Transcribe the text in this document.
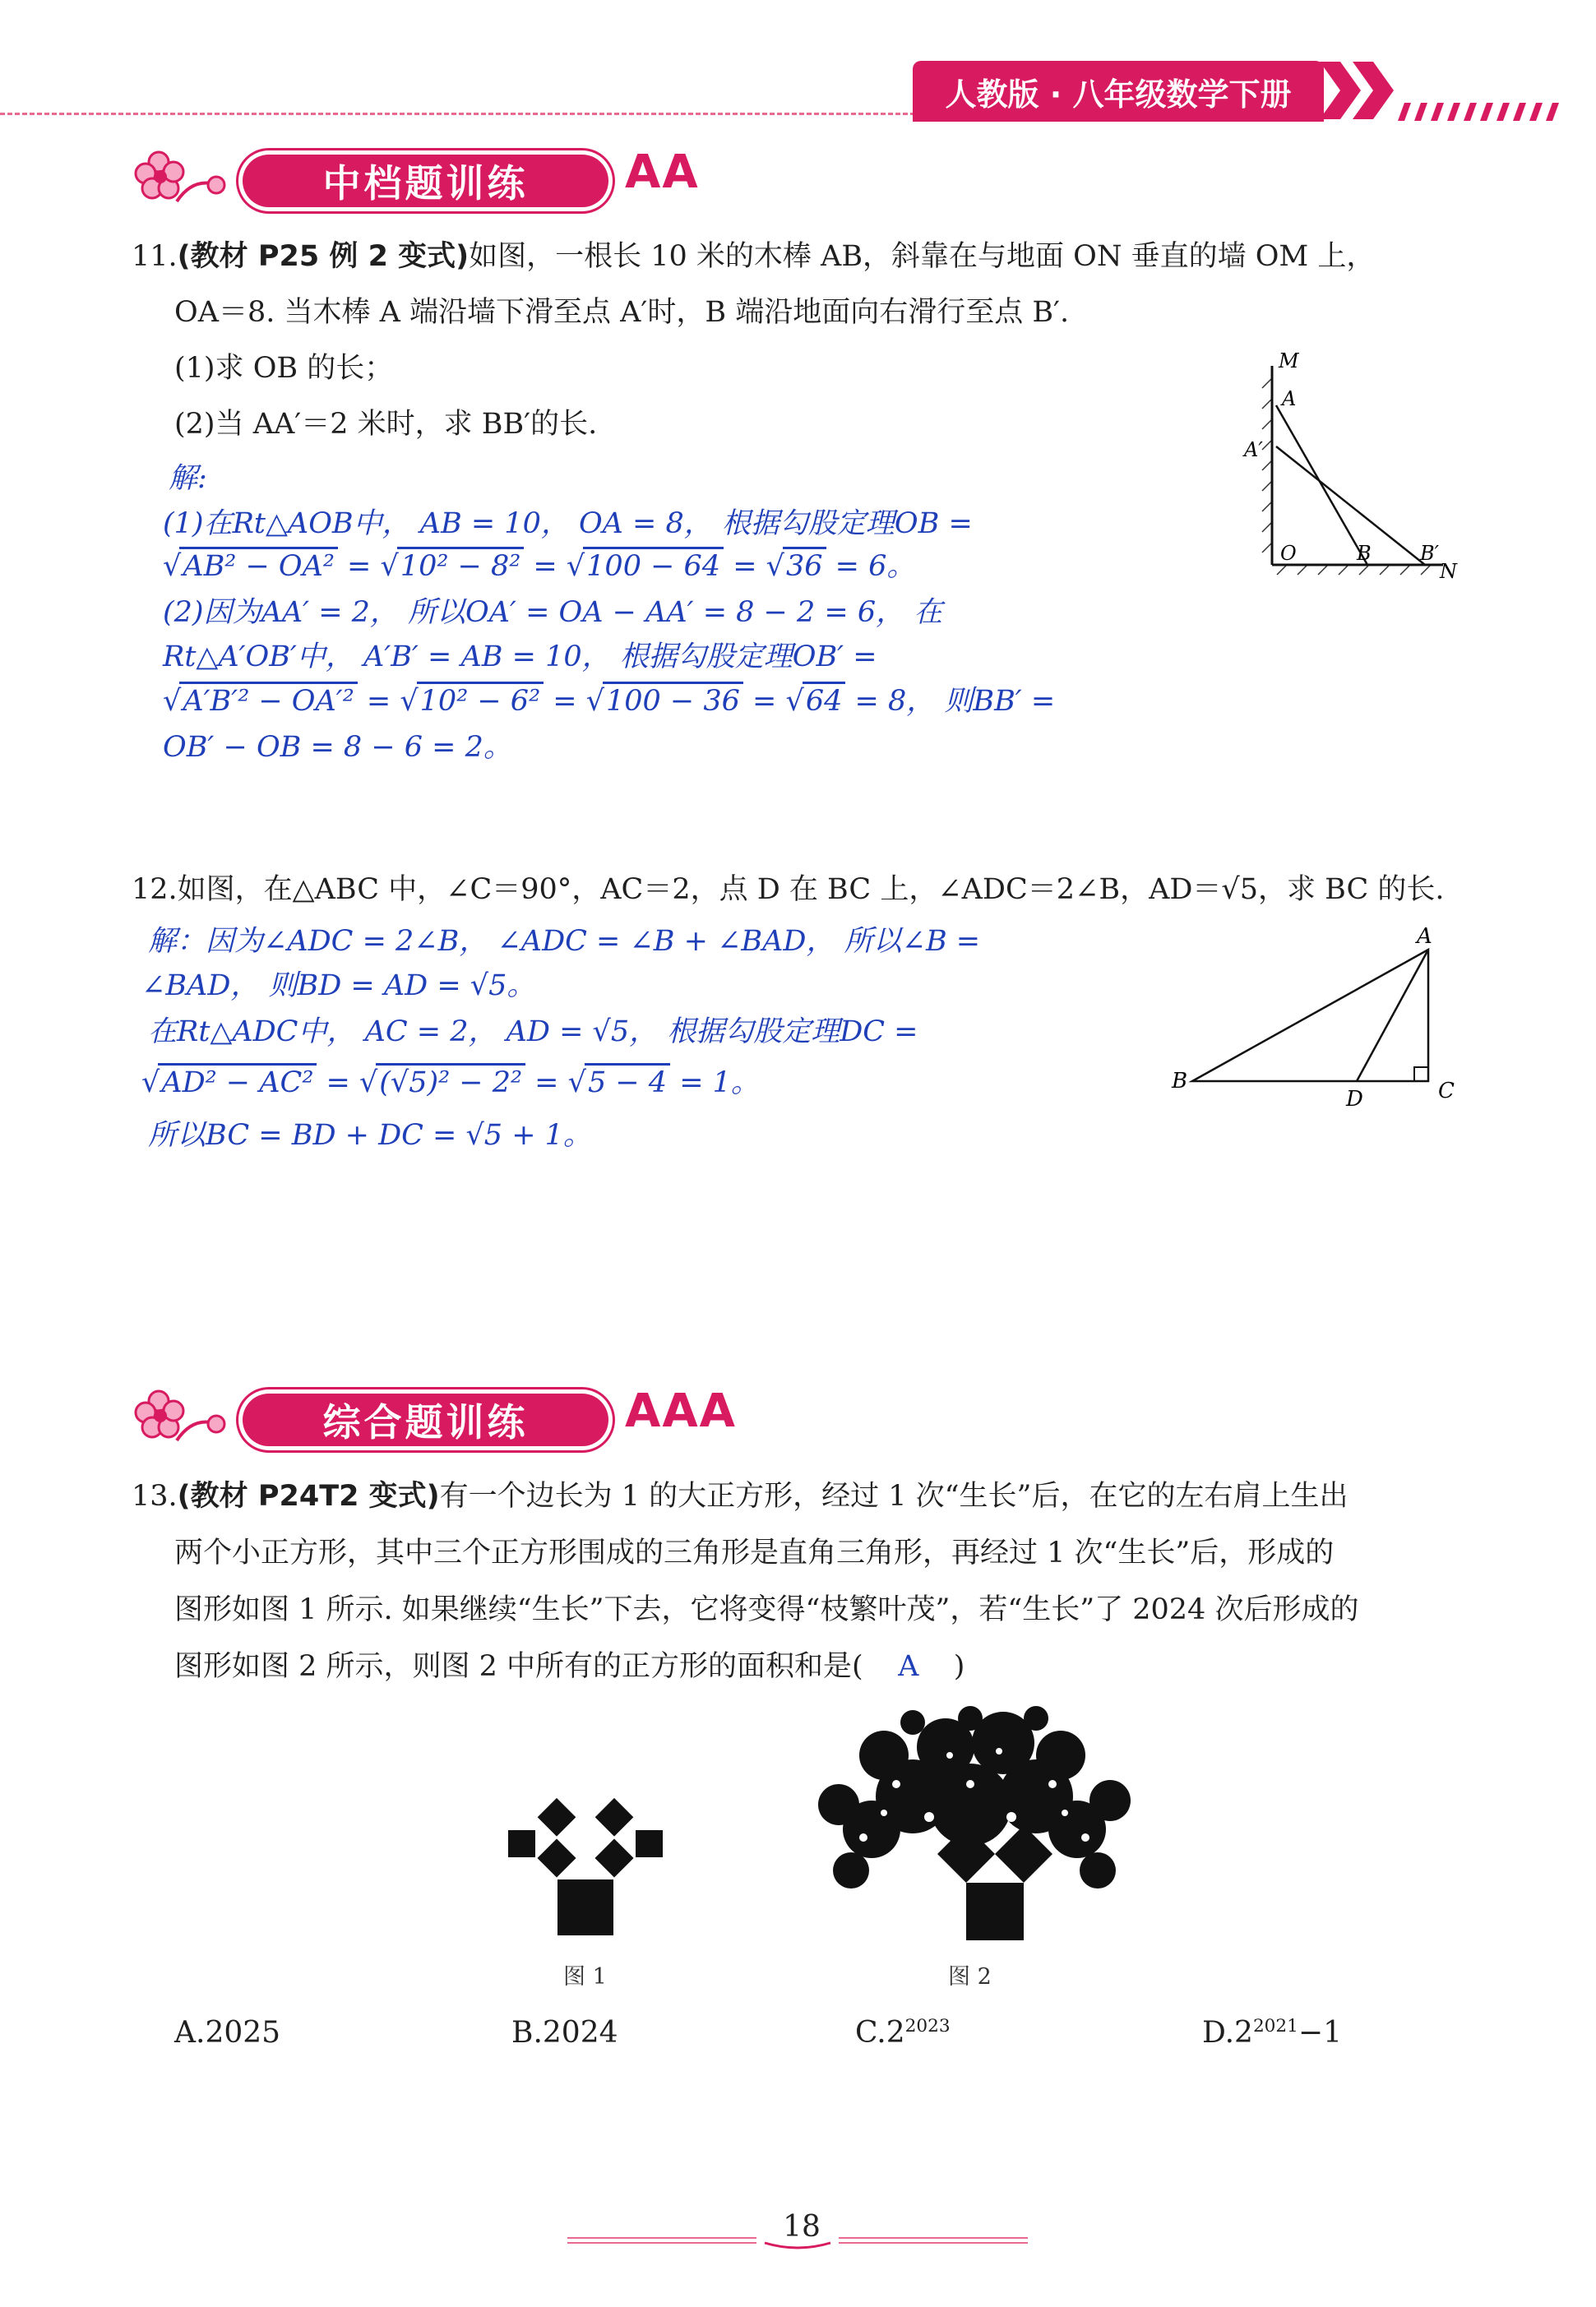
人教版 · 八年级数学下册
中档题训练	AA
11.(教材 P25 例 2 变式)如图，一根长 10 米的木棒 AB，斜靠在与地面 ON 垂直的墙 OM 上，
OA＝8. 当木棒 A 端沿墙下滑至点 A′时，B 端沿地面向右滑行至点 B′.
(1)求 OB 的长；
(2)当 AA′＝2 米时，求 BB′的长.
解:
(1)在Rt△AOB中， AB = 10， OA = 8， 根据勾股定理OB =
√AB² − OA² = √10² − 8² = √100 − 64 = √36 = 6。
(2)因为AA′ = 2， 所以OA′ = OA − AA′ = 8 − 2 = 6， 在
Rt△A′OB′中， A′B′ = AB = 10， 根据勾股定理OB′ =
√A′B′² − OA′² = √10² − 6² = √100 − 36 = √64 = 8， 则BB′ =
OB′ − OB = 8 − 6 = 2。
M
A
A′
O	B B′
N
12.如图，在△ABC 中，∠C＝90°，AC＝2，点 D 在 BC 上，∠ADC＝2∠B，AD＝√5，求 BC 的长.
解：因为∠ADC = 2∠B， ∠ADC = ∠B + ∠BAD， 所以∠B =
∠BAD， 则BD = AD = √5。
在Rt△ADC中， AC = 2， AD = √5， 根据勾股定理DC =
√AD² − AC² = √(√5)² − 2² = √5 − 4 = 1。
所以BC = BD + DC = √5 + 1。
A
B	C
D
综合题训练	AAA
13.(教材 P24T2 变式)有一个边长为 1 的大正方形，经过 1 次“生长”后，在它的左右肩上生出
两个小正方形，其中三个正方形围成的三角形是直角三角形，再经过 1 次“生长”后，形成的
图形如图 1 所示. 如果继续“生长”下去，它将变得“枝繁叶茂”，若“生长”了 2024 次后形成的
图形如图 2 所示，则图 2 中所有的正方形的面积和是( A )
图 1	图 2
A.2025	B.2024	$C.2^{2023}$	$D.2^{2021}-1$
18
